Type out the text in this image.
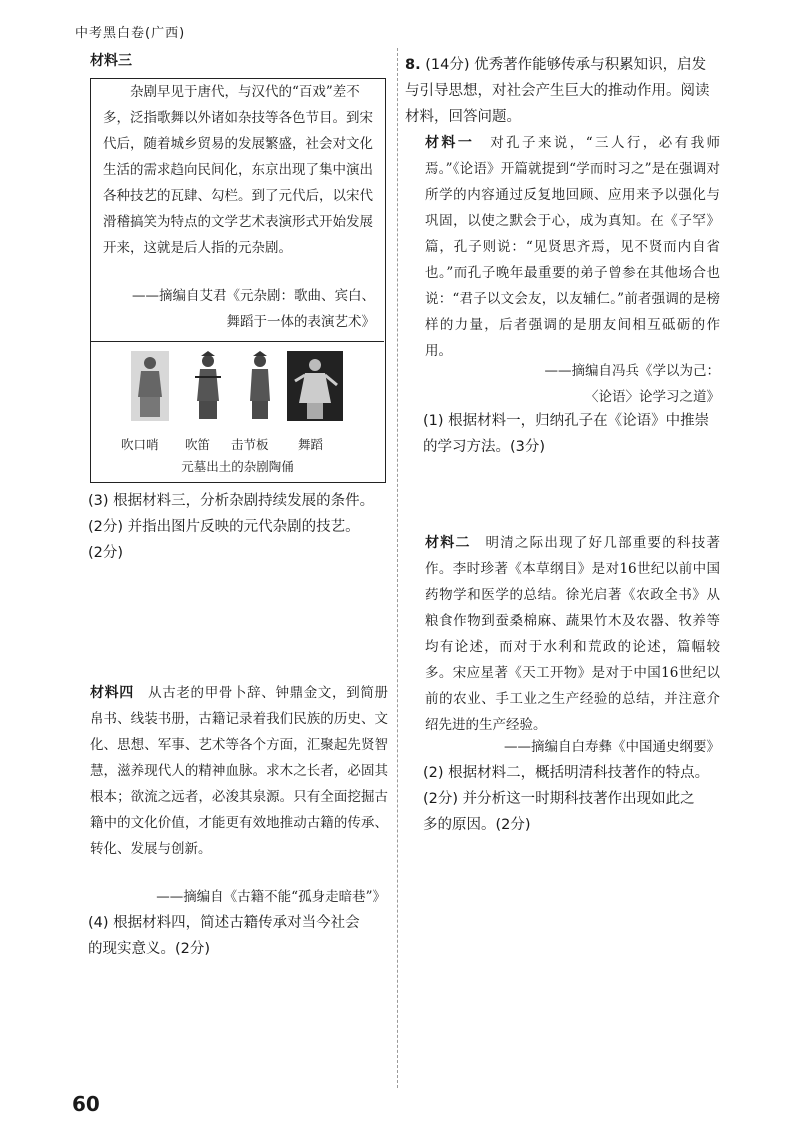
中考黑白卷(广西)
材料三

杂剧早见于唐代，与汉代的“百戏”差不多，泛指歌舞以外诸如杂技等各色节目。到宋代后，随着城乡贸易的发展繁盛，社会对文化生活的需求趋向民间化，东京出现了集中演出各种技艺的瓦肆、勾栏。到了元代后，以宋代滑稽搞笑为特点的文学艺术表演形式开始发展开来，这就是后人指的元杂剧。

——摘编自艾君《元杂剧：歌曲、宾白、
舞蹈于一体的表演艺术》
吹口哨 吹笛 击节板 舞蹈
元墓出土的杂剧陶俑
(3) 根据材料三，分析杂剧持续发展的条件。
(2分) 并指出图片反映的元代杂剧的技艺。
(2分)
材料四  从古老的甲骨卜辞、钟鼎金文，到简册帛书、线装书册，古籍记录着我们民族的历史、文化、思想、军事、艺术等各个方面，汇聚起先贤智慧，滋养现代人的精神血脉。求木之长者，必固其根本；欲流之远者，必浚其泉源。只有全面挖掘古籍中的文化价值，才能更有效地推动古籍的传承、转化、发展与创新。
——摘编自《古籍不能“孤身走暗巷”》
(4) 根据材料四，简述古籍传承对当今社会
的现实意义。(2分)
8. (14分) 优秀著作能够传承与积累知识，启发与引导思想，对社会产生巨大的推动作用。阅读材料，回答问题。
材料一  对孔子来说，“三人行，必有我师焉。”《论语》开篇就提到“学而时习之”是在强调对所学的内容通过反复地回顾、应用来予以强化与巩固，以使之默会于心，成为真知。在《子罕》篇，孔子则说：“见贤思齐焉，见不贤而内自省也。”而孔子晚年最重要的弟子曾参在其他场合也说：“君子以文会友，以友辅仁。”前者强调的是榜样的力量，后者强调的是朋友间相互砥砺的作用。
——摘编自冯兵《学以为己：
〈论语〉论学习之道》
(1) 根据材料一，归纳孔子在《论语》中推崇
的学习方法。(3分)
材料二  明清之际出现了好几部重要的科技著作。李时珍著《本草纲目》是对16世纪以前中国药物学和医学的总结。徐光启著《农政全书》从粮食作物到蚕桑棉麻、蔬果竹木及农器、牧养等均有论述，而对于水利和荒政的论述，篇幅较多。宋应星著《天工开物》是对于中国16世纪以前的农业、手工业之生产经验的总结，并注意介绍先进的生产经验。
——摘编自白寿彝《中国通史纲要》
(2) 根据材料二，概括明清科技著作的特点。
(2分) 并分析这一时期科技著作出现如此之
多的原因。(2分)
60
